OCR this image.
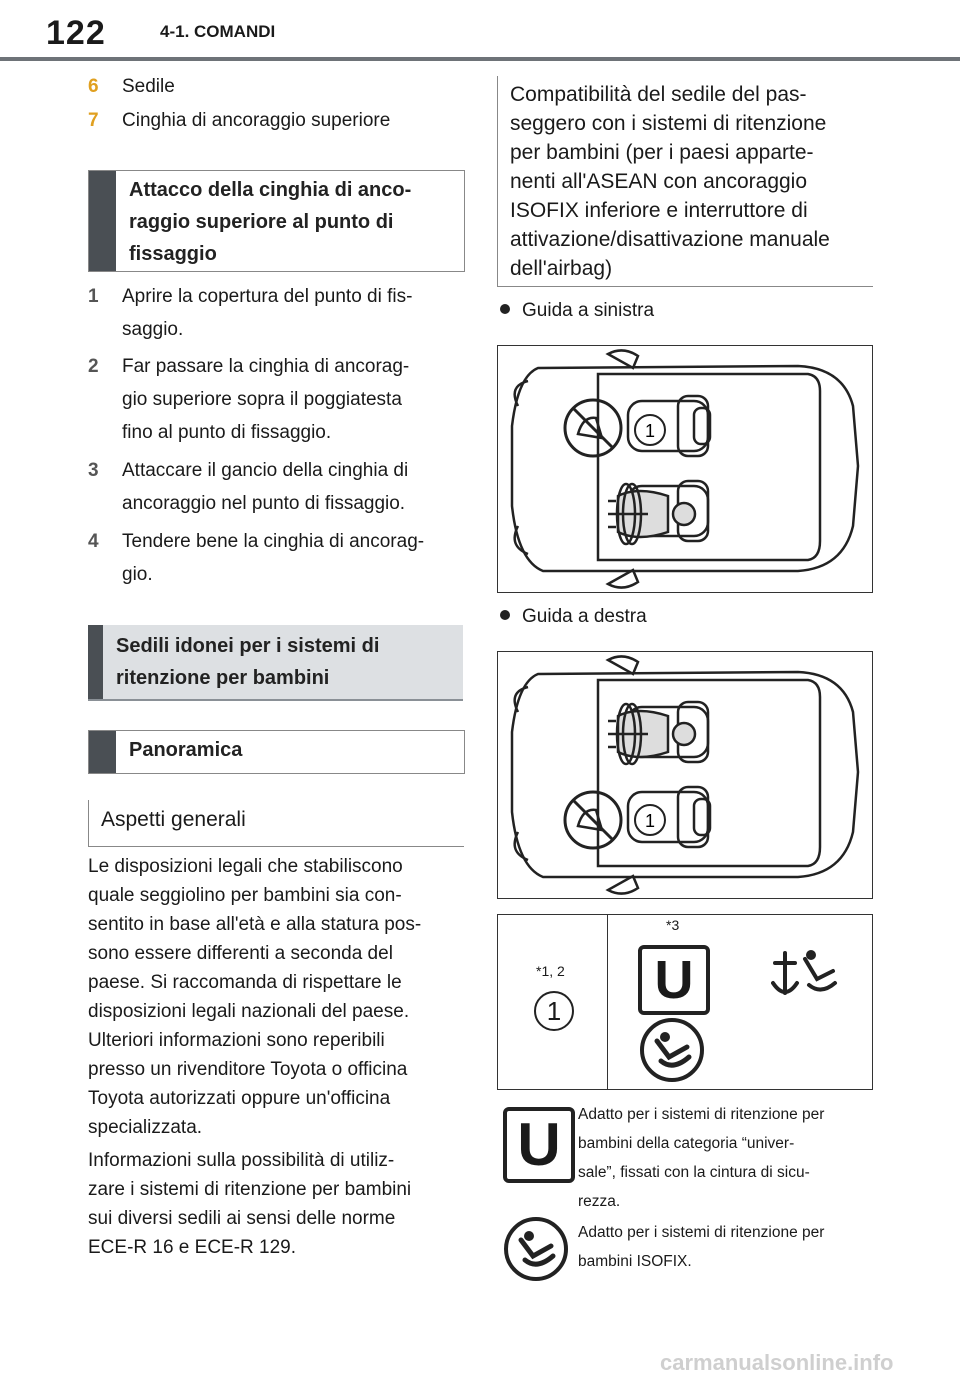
122	4-1. COMANDI
6 Sedile
7 Cinghia di ancoraggio superiore
Attacco della cinghia di anco-
raggio superiore al punto di
fissaggio
1 Aprire la copertura del punto di fis-
saggio.
2 Far passare la cinghia di ancorag-
gio superiore sopra il poggiatesta
fino al punto di fissaggio.
3 Attaccare il gancio della cinghia di
ancoraggio nel punto di fissaggio.
4 Tendere bene la cinghia di ancorag-
gio.
Sedili idonei per i sistemi di
ritenzione per bambini
Panoramica
Aspetti generali
Le disposizioni legali che stabiliscono
quale seggiolino per bambini sia con-
sentito in base all'età e alla statura pos-
sono essere differenti a seconda del
paese. Si raccomanda di rispettare le
disposizioni legali nazionali del paese.
Ulteriori informazioni sono reperibili
presso un rivenditore Toyota o officina
Toyota autorizzati oppure un'officina
specializzata.
Informazioni sulla possibilità di utiliz-
zare i sistemi di ritenzione per bambini
sui diversi sedili ai sensi delle norme
ECE-R 16 e ECE-R 129.
Compatibilità del sedile del pas-
seggero con i sistemi di ritenzione
per bambini (per i paesi apparte-
nenti all'ASEAN con ancoraggio
ISOFIX inferiore e interruttore di
attivazione/disattivazione manuale
dell'airbag)
Guida a sinistra
1
Guida a destra
1
*1, 2
1
*3
U
U	Adatto per i sistemi di ritenzione per
bambini della categoria “univer-
sale”, fissati con la cintura di sicu-
rezza.
Adatto per i sistemi di ritenzione per
bambini ISOFIX.
carmanualsonline.info
